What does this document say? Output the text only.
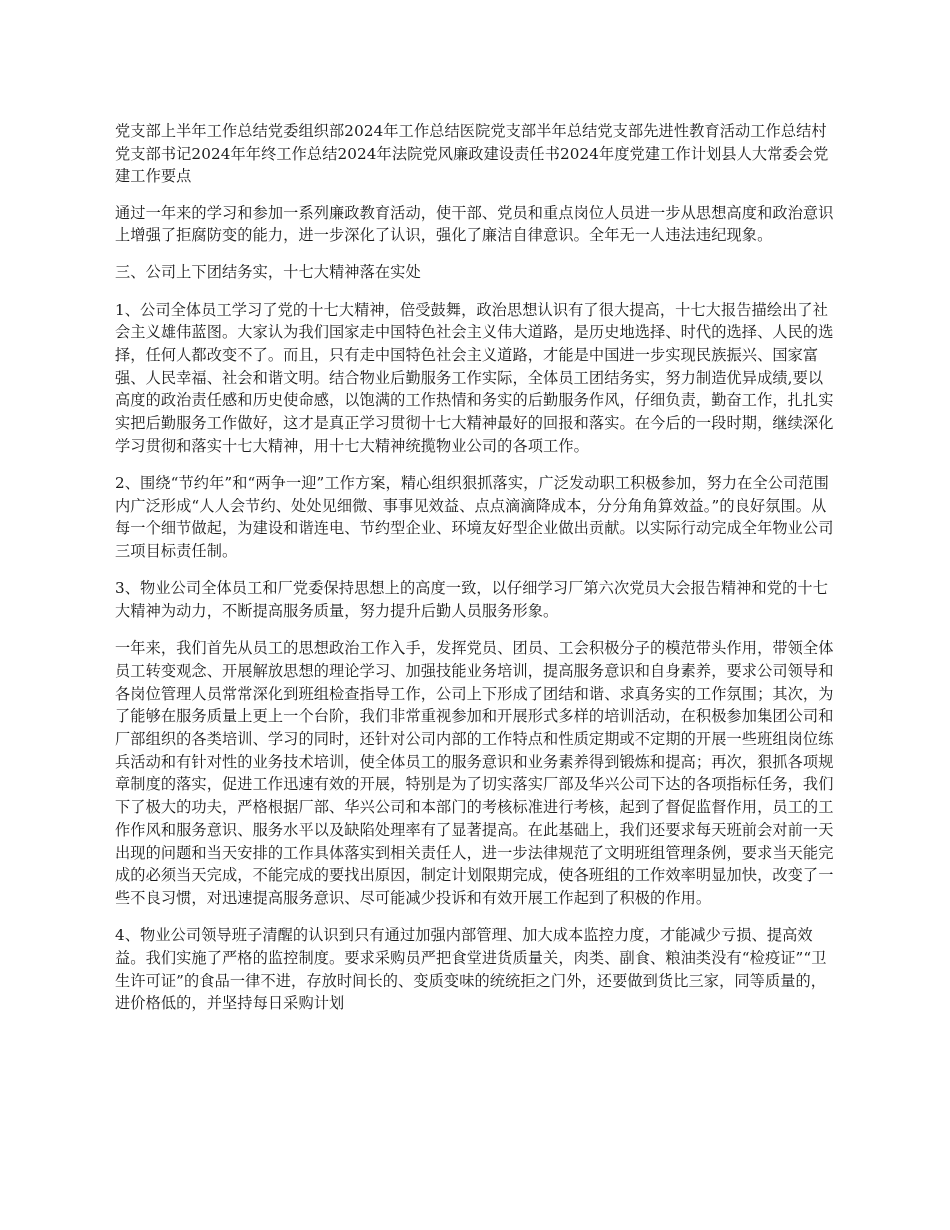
党支部上半年工作总结党委组织部2024年工作总结医院党支部半年总结党支部先进性教育活动工作总结村党支部书记2024年年终工作总结2024年法院党风廉政建设责任书2024年度党建工作计划县人大常委会党建工作要点

通过一年来的学习和参加一系列廉政教育活动，使干部、党员和重点岗位人员进一步从思想高度和政治意识上增强了拒腐防变的能力，进一步深化了认识，强化了廉洁自律意识。全年无一人违法违纪现象。

三、公司上下团结务实，十七大精神落在实处

1、公司全体员工学习了党的十七大精神，倍受鼓舞，政治思想认识有了很大提高，十七大报告描绘出了社会主义雄伟蓝图。大家认为我们国家走中国特色社会主义伟大道路，是历史地选择、时代的选择、人民的选择，任何人都改变不了。而且，只有走中国特色社会主义道路，才能是中国进一步实现民族振兴、国家富强、人民幸福、社会和谐文明。结合物业后勤服务工作实际，全体员工团结务实，努力制造优异成绩,要以高度的政治责任感和历史使命感，以饱满的工作热情和务实的后勤服务作风，仔细负责，勤奋工作，扎扎实实把后勤服务工作做好，这才是真正学习贯彻十七大精神最好的回报和落实。在今后的一段时期，继续深化学习贯彻和落实十七大精神，用十七大精神统揽物业公司的各项工作。

2、围绕“节约年”和“两争一迎”工作方案，精心组织狠抓落实，广泛发动职工积极参加，努力在全公司范围内广泛形成“人人会节约、处处见细微、事事见效益、点点滴滴降成本，分分角角算效益。”的良好氛围。从每一个细节做起，为建设和谐连电、节约型企业、环境友好型企业做出贡献。以实际行动完成全年物业公司三项目标责任制。

3、物业公司全体员工和厂党委保持思想上的高度一致，以仔细学习厂第六次党员大会报告精神和党的十七大精神为动力，不断提高服务质量，努力提升后勤人员服务形象。

一年来，我们首先从员工的思想政治工作入手，发挥党员、团员、工会积极分子的模范带头作用，带领全体员工转变观念、开展解放思想的理论学习、加强技能业务培训，提高服务意识和自身素养，要求公司领导和各岗位管理人员常常深化到班组检查指导工作，公司上下形成了团结和谐、求真务实的工作氛围；其次，为了能够在服务质量上更上一个台阶，我们非常重视参加和开展形式多样的培训活动，在积极参加集团公司和厂部组织的各类培训、学习的同时，还针对公司内部的工作特点和性质定期或不定期的开展一些班组岗位练兵活动和有针对性的业务技术培训，使全体员工的服务意识和业务素养得到锻炼和提高；再次，狠抓各项规章制度的落实，促进工作迅速有效的开展，特别是为了切实落实厂部及华兴公司下达的各项指标任务，我们下了极大的功夫，严格根据厂部、华兴公司和本部门的考核标准进行考核，起到了督促监督作用，员工的工作作风和服务意识、服务水平以及缺陷处理率有了显著提高。在此基础上，我们还要求每天班前会对前一天出现的问题和当天安排的工作具体落实到相关责任人，进一步法律规范了文明班组管理条例，要求当天能完成的必须当天完成，不能完成的要找出原因，制定计划限期完成，使各班组的工作效率明显加快，改变了一些不良习惯，对迅速提高服务意识、尽可能减少投诉和有效开展工作起到了积极的作用。

4、物业公司领导班子清醒的认识到只有通过加强内部管理、加大成本监控力度，才能减少亏损、提高效益。我们实施了严格的监控制度。要求采购员严把食堂进货质量关，肉类、副食、粮油类没有“检疫证”“卫生许可证”的食品一律不进，存放时间长的、变质变味的统统拒之门外，还要做到货比三家，同等质量的，进价格低的，并坚持每日采购计划
